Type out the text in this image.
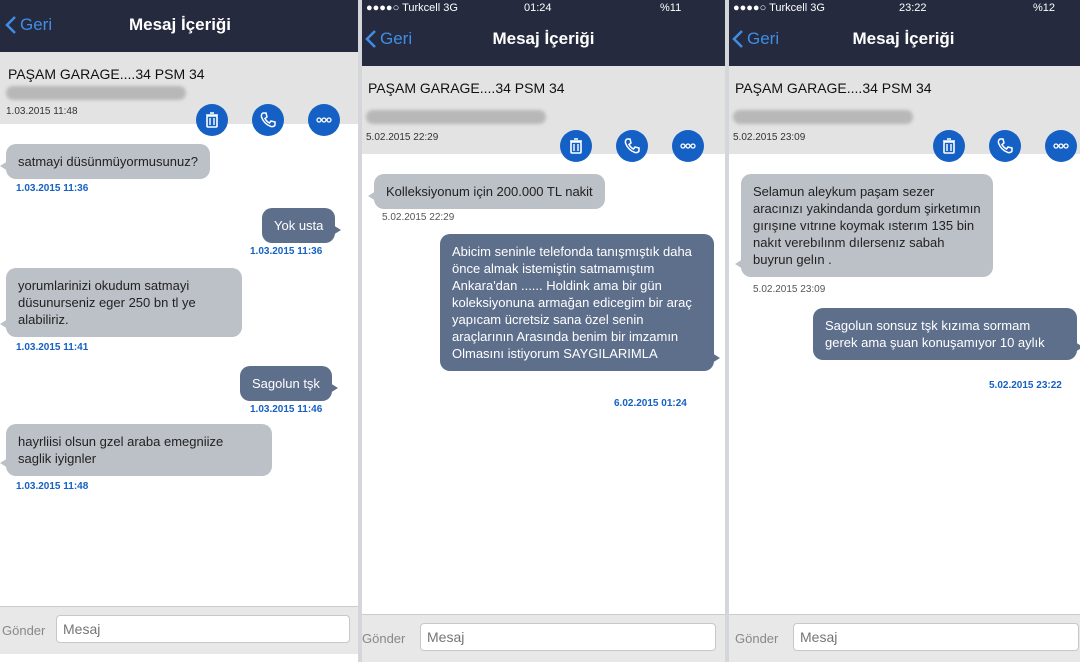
Geri	Mesaj İçeriği
PAŞAM GARAGE....34 PSM 34
1.03.2015 11:48
satmayi düsünmüyormusunuz?
1.03.2015 11:36
Yok usta
1.03.2015 11:36
yorumlarinizi okudum satmayi düsunurseniz eger 250 bn tl ye alabiliriz.
1.03.2015 11:41
Sagolun tşk
1.03.2015 11:46
hayrliisi olsun gzel araba emegniize saglik iyignler
1.03.2015 11:48
Gönder
Mesaj
●●●●○ Turkcell 3G	01:24	%11
Geri	Mesaj İçeriği
PAŞAM GARAGE....34 PSM 34
5.02.2015 22:29
Kolleksiyonum için 200.000 TL nakit
5.02.2015 22:29
Abicim seninle telefonda tanışmıştık daha önce almak istemiştin satmamıştım Ankara'dan ...... Holdink ama bir gün koleksiyonuna armağan edicegim bir araç yapıcam ücretsiz sana özel senin araçlarının Arasında benim bir imzamın Olmasını istiyorum SAYGILARIMLA
6.02.2015 01:24
Gönder
Mesaj
●●●●○ Turkcell 3G	23:22	%12
Geri	Mesaj İçeriği
PAŞAM GARAGE....34 PSM 34
5.02.2015 23:09
Selamun aleykum paşam sezer aracınızı yakindanda gordum şirketımın gırışıne vıtrıne koymak ısterım 135 bin nakıt verebılınm dılersenız sabah buyrun gelın .
5.02.2015 23:09
Sagolun sonsuz tşk kızıma sormam gerek ama şuan konuşamıyor 10 aylık
5.02.2015 23:22
Gönder
Mesaj
